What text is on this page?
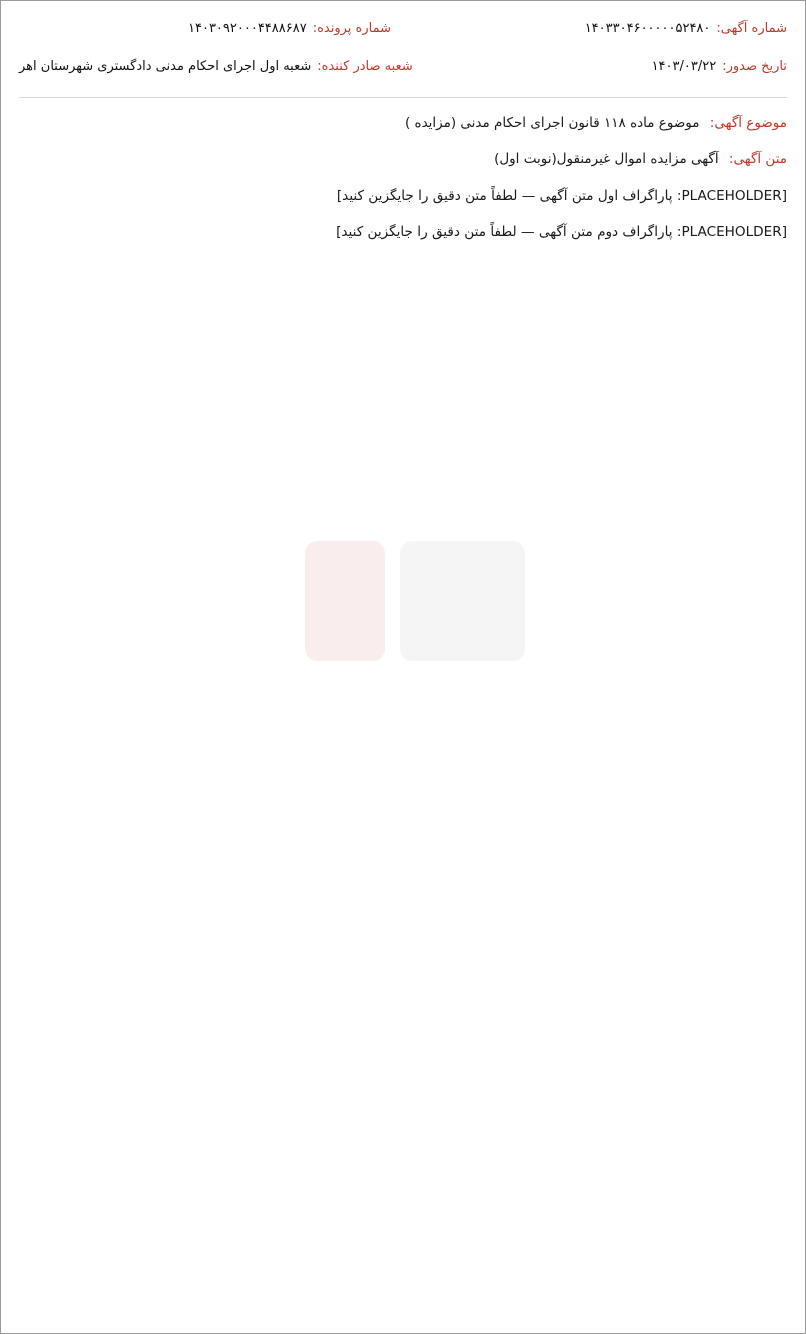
شماره آگهی:
۱۴۰۳۳۰۴۶۰۰۰۰۰۵۲۴۸۰
شماره پرونده:
۱۴۰۳۰۹۲۰۰۰۴۴۸۸۶۸۷
تاریخ صدور:
۱۴۰۳/۰۳/۲۲
شعبه صادر کننده:
شعبه اول اجرای احکام مدنی دادگستری شهرستان اهر

موضوع آگهی: موضوع ماده ۱۱۸ قانون اجرای احکام مدنی (مزایده )

متن آگهی: آگهی مزایده اموال غیرمنقول(نوبت اول)

[PLACEHOLDER: پاراگراف اول متن آگهی — لطفاً متن دقیق را جایگزین کنید]

[PLACEHOLDER: پاراگراف دوم متن آگهی — لطفاً متن دقیق را جایگزین کنید]
